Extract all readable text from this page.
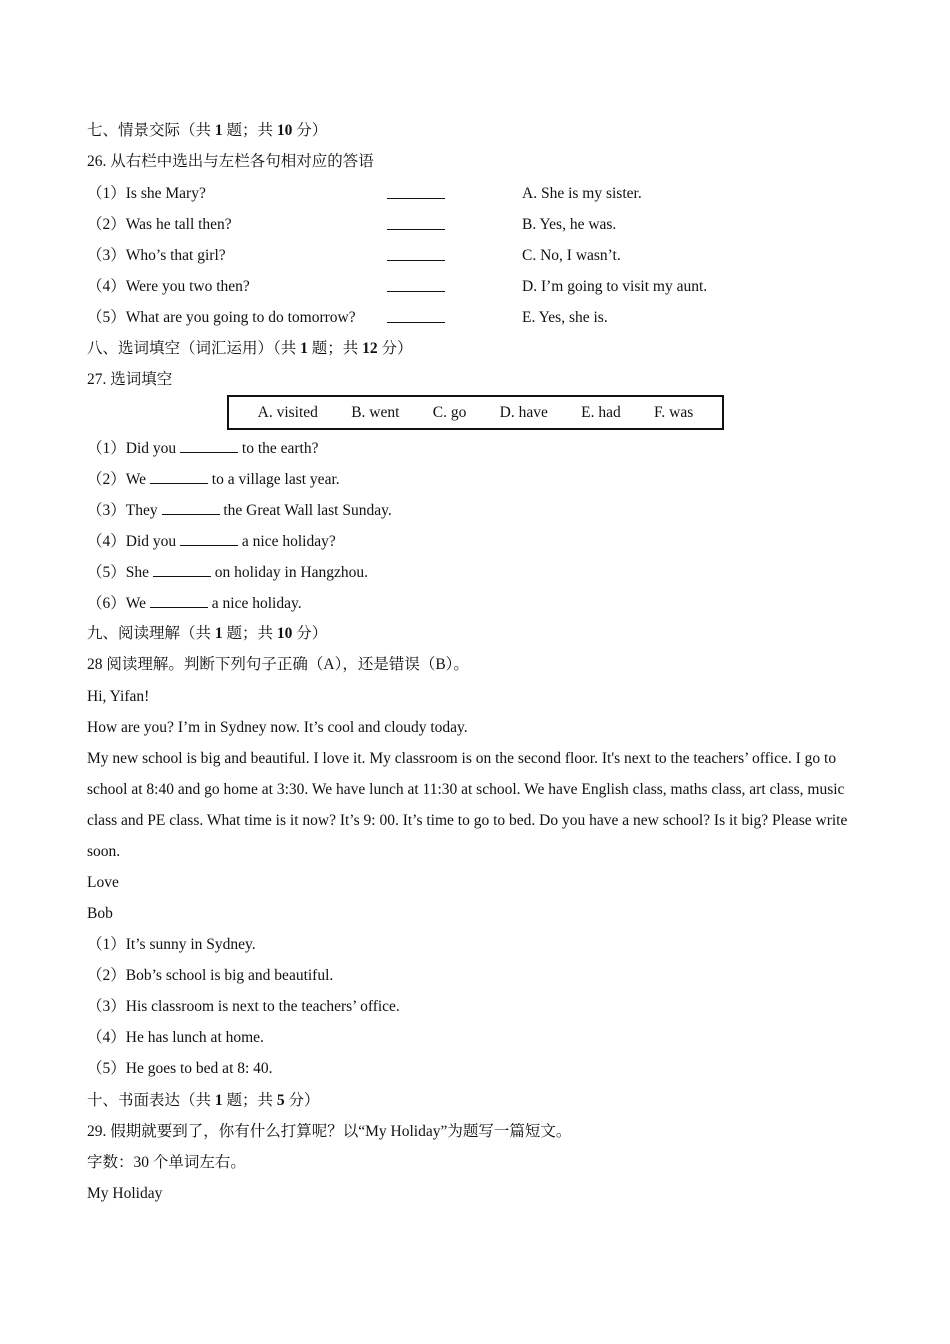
七、情景交际（共 1 题；共 10 分）
26. 从右栏中选出与左栏各句相对应的答语
（1）Is she Mary?	A. She is my sister.
（2）Was he tall then?	B. Yes, he was.
（3）Who’s that girl?	C. No, I wasn’t.
（4）Were you two then?	D. I’m going to visit my aunt.
（5）What are you going to do tomorrow?	E. Yes, she is.
八、选词填空（词汇运用）（共 1 题；共 12 分）
27. 选词填空
A. visited B. went C. go D. have E. had F. was
（1）Did you	to the earth?
（2）We	to a village last year.
（3）They	the Great Wall last Sunday.
（4）Did you	a nice holiday?
（5）She	on holiday in Hangzhou.
（6）We	a nice holiday.
九、阅读理解（共 1 题；共 10 分）
28 阅读理解。判断下列句子正确（A），还是错误（B）。
Hi, Yifan!
How are you? I’m in Sydney now. It’s cool and cloudy today.
My new school is big and beautiful. I love it. My classroom is on the second floor. It's next to the teachers’ office. I go to school at 8:40 and go home at 3:30. We have lunch at 11:30 at school. We have English class, maths class, art class, music class and PE class. What time is it now? It’s 9: 00. It’s time to go to bed. Do you have a new school? Is it big? Please write soon.
Love
Bob
（1）It’s sunny in Sydney.
（2）Bob’s school is big and beautiful.
（3）His classroom is next to the teachers’ office.
（4）He has lunch at home.
（5）He goes to bed at 8: 40.
十、书面表达（共 1 题；共 5 分）
29. 假期就要到了，你有什么打算呢？以“My Holiday”为题写一篇短文。
字数：30 个单词左右。
My Holiday
